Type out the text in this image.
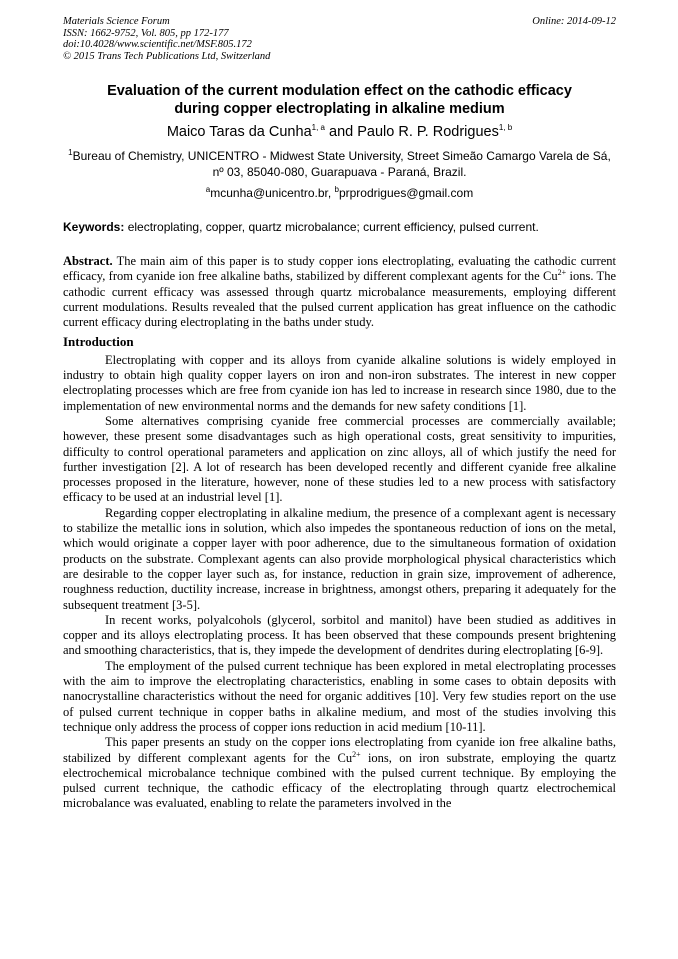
Materials Science Forum
ISSN: 1662-9752, Vol. 805, pp 172-177
doi:10.4028/www.scientific.net/MSF.805.172
© 2015 Trans Tech Publications Ltd, Switzerland
Online: 2014-09-12
Evaluation of the current modulation effect on the cathodic efficacy
during copper electroplating in alkaline medium
Maico Taras da Cunha$^{1, a}$ and Paulo R. P. Rodrigues$^{1, b}$
$^1$Bureau of Chemistry, UNICENTRO - Midwest State University, Street Simeão Camargo Varela de Sá, nº 03, 85040-080, Guarapuava - Paraná, Brazil.
$^a$mcunha@unicentro.br, $^b$prprodrigues@gmail.com
Keywords: electroplating, copper, quartz microbalance; current efficiency, pulsed current.

Abstract. The main aim of this paper is to study copper ions electroplating, evaluating the cathodic current efficacy, from cyanide ion free alkaline baths, stabilized by different complexant agents for the $Cu^{2+}$ ions. The cathodic current efficacy was assessed through quartz microbalance measurements, employing different current modulations. Results revealed that the pulsed current application has great influence on the cathodic current efficacy during electroplating in the baths under study.

Introduction

Electroplating with copper and its alloys from cyanide alkaline solutions is widely employed in industry to obtain high quality copper layers on iron and non-iron substrates. The interest in new copper electroplating processes which are free from cyanide ion has led to increase in research since 1980, due to the implementation of new environmental norms and the demands for new safety conditions [1].

Some alternatives comprising cyanide free commercial processes are commercially available; however, these present some disadvantages such as high operational costs, great sensitivity to impurities, difficulty to control operational parameters and application on zinc alloys, all of which justify the need for further investigation [2]. A lot of research has been developed recently and different cyanide free alkaline processes proposed in the literature, however, none of these studies led to a new process with satisfactory efficacy to be used at an industrial level [1].

Regarding copper electroplating in alkaline medium, the presence of a complexant agent is necessary to stabilize the metallic ions in solution, which also impedes the spontaneous reduction of ions on the metal, which would originate a copper layer with poor adherence, due to the simultaneous formation of oxidation products on the substrate. Complexant agents can also provide morphological physical characteristics which are desirable to the copper layer such as, for instance, reduction in grain size, improvement of adherence, roughness reduction, ductility increase, increase in brightness, amongst others, preparing it adequately for the subsequent treatment [3-5].

In recent works, polyalcohols (glycerol, sorbitol and manitol) have been studied as additives in copper and its alloys electroplating process. It has been observed that these compounds present brightening and smoothing characteristics, that is, they impede the development of dendrites during electroplating [6-9].

The employment of the pulsed current technique has been explored in metal electroplating processes with the aim to improve the electroplating characteristics, enabling in some cases to obtain deposits with nanocrystalline characteristics without the need for organic additives [10]. Very few studies report on the use of pulsed current technique in copper baths in alkaline medium, and most of the studies involving this technique only address the process of copper ions reduction in acid medium [10-11].

This paper presents an study on the copper ions electroplating from cyanide ion free alkaline baths, stabilized by different complexant agents for the $Cu^{2+}$ ions, on iron substrate, employing the quartz electrochemical microbalance technique combined with the pulsed current technique. By employing the pulsed current technique, the cathodic efficacy of the electroplating through quartz electrochemical microbalance was evaluated, enabling to relate the parameters involved in the
